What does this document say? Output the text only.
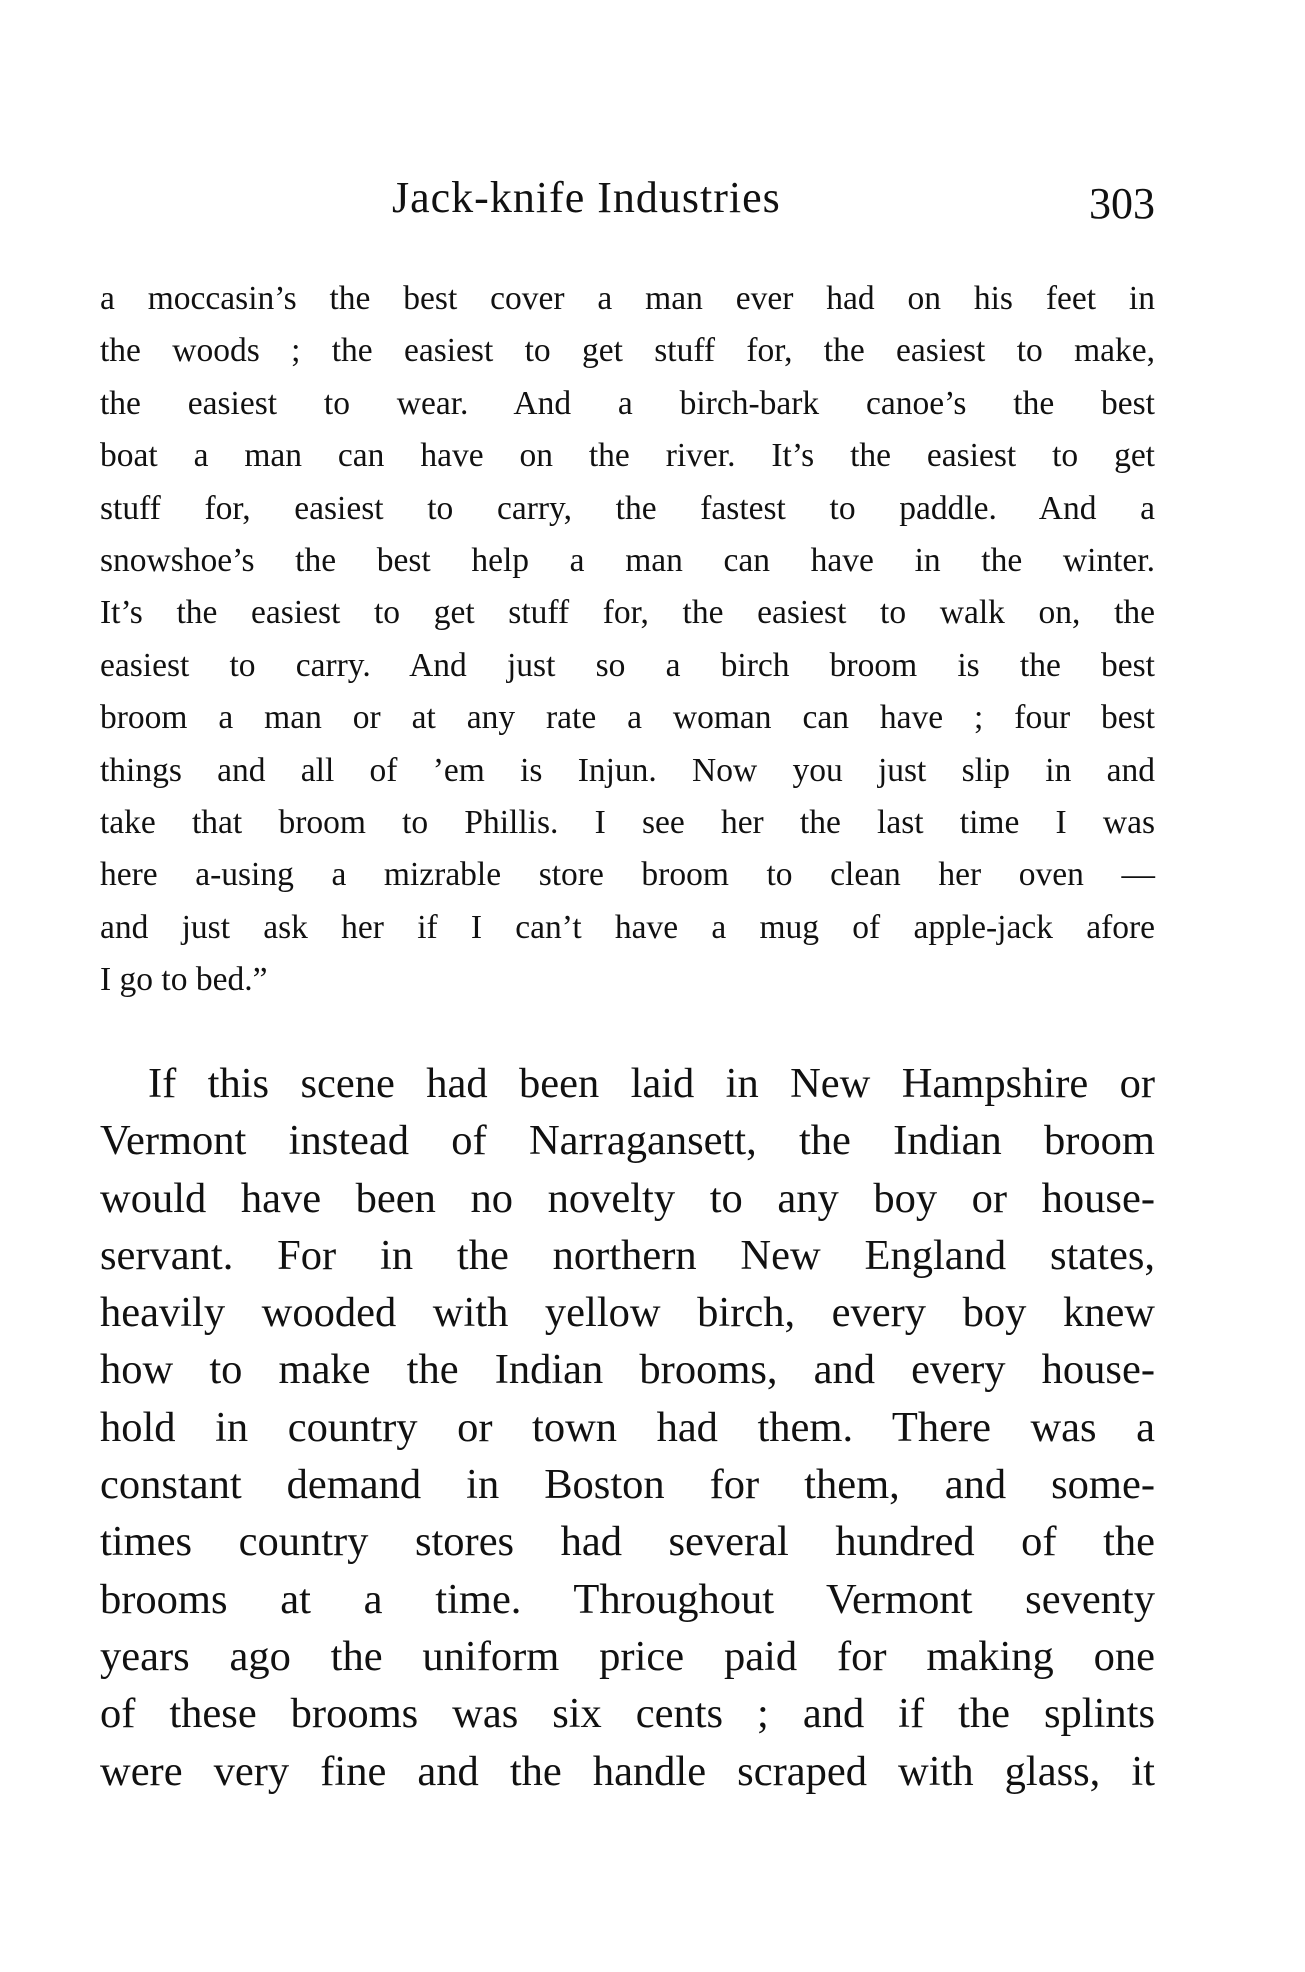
Jack-knife Industries	303
a moccasin’s the best cover a man ever had on his feet in
the woods ; the easiest to get stuff for, the easiest to make,
the easiest to wear. And a birch-bark canoe’s the best
boat a man can have on the river. It’s the easiest to get
stuff for, easiest to carry, the fastest to paddle. And a
snowshoe’s the best help a man can have in the winter.
It’s the easiest to get stuff for, the easiest to walk on, the
easiest to carry. And just so a birch broom is the best
broom a man or at any rate a woman can have ; four best
things and all of ’em is Injun. Now you just slip in and
take that broom to Phillis. I see her the last time I was
here a-using a mizrable store broom to clean her oven —
and just ask her if I can’t have a mug of apple-jack afore
I go to bed.”
If this scene had been laid in New Hampshire or
Vermont instead of Narragansett, the Indian broom
would have been no novelty to any boy or house-
servant. For in the northern New England states,
heavily wooded with yellow birch, every boy knew
how to make the Indian brooms, and every house-
hold in country or town had them. There was a
constant demand in Boston for them, and some-
times country stores had several hundred of the
brooms at a time. Throughout Vermont seventy
years ago the uniform price paid for making one
of these brooms was six cents ; and if the splints
were very fine and the handle scraped with glass, it
